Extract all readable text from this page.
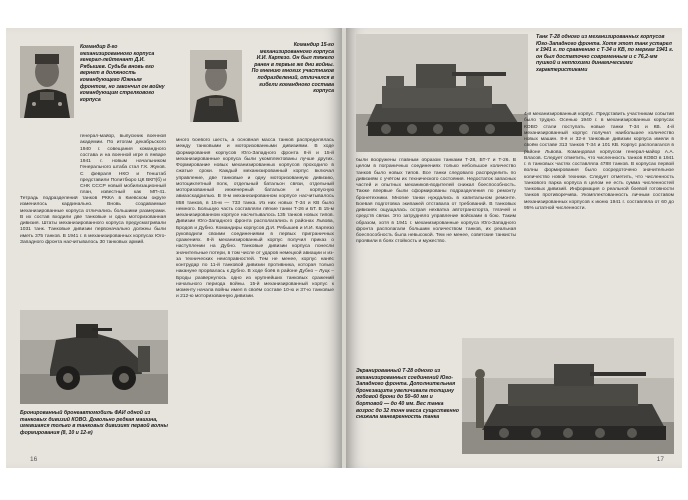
Командир 8-го механизированного корпуса генерал-лейтенант Д.И. Рябышев. Судьба вновь его вернет в должность командующего Южным фронтом, но закончил он войну командующим стрелкового корпуса
Командир 15-го механизированного корпуса И.И. Карпезо. Он был тяжело ранен в первые же дни войны. По мнению многих участников подразделений, отличался в гибели командного состава корпуса

генерал-майор, выпускник военной академии. По итогам декабрьского 1940 г. совещания командного состава и на военной игре в январе 1941 г. новым начальником Генерального штаба стал Г.К. Жуков. С февраля НКО и Генштаб представили Политбюро ЦК ВКП(б) и СНК СССР новый мобилизационный план, известный как МП-41.

Тетрадь подразделений танков РККА в Киевском округе изменилось кардинально. Вновь создаваемые механизированные корпуса отличались большими размерами. В их состав входили две танковые и одна моторизованная дивизия. Штаты механизированного корпуса предусматривали 1031 танк. Танковые дивизии первоначально должны были иметь 375 танков. В 1941 г. в механизированных корпусах Юго-Западного фронта насчитывалось 30 танковых армий.

много боевого шесть, а основная масса танков распределялась между танковыми и моторизованными дивизиями. В ходе формирования корпусов Юго-Западного фронта 8-й и 15-й механизированные корпуса были укомплектованы лучше других. Формирование новых механизированных корпусов проходило в сжатые сроки. Каждый механизированный корпус включал управление, две танковые и одну моторизованную дивизию, мотоциклетный полк, отдельный батальон связи, отдельный моторизованный инженерный батальон и корпусную авиаэскадрилью. В 8-м механизированном корпусе насчитывалось 858 танков, в 15-м — 733 танка. Из них новых Т-34 и КВ было немного. Большую часть составляли лёгкие танки Т-26 и БТ. В 15-м механизированном корпусе насчитывалось 135 танков новых типов. Дивизии Юго-Западного фронта располагались в районах Львова, Бродов и Дубно. Командиры корпусов Д.И. Рябышев и И.И. Карпезо руководили своими соединениями в первых приграничных сражениях. 8-й механизированный корпус получил приказ о наступлении на Дубно. Танковые дивизии корпуса понесли значительные потери, в том числе от ударов немецкой авиации и из-за технических неисправностей. Тем не менее, корпус нанёс контрудар по 11-й танковой дивизии противника, которая только накануне прорвалась к Дубно. В ходе боёв в районе Дубно – Луцк – Броды развернулось одно из крупнейших танковых сражений начального периода войны. 15-й механизированный корпус к моменту начала войны имел в своём составе 10-ю и 37-ю танковые и 212-ю моторизованную дивизии.

Бронированный бронеавтомобиль ФАИ одной из танковых дивизий КОВО. Довольно редкая машина, имевшаяся только в танковых дивизиях первой волны формирования (8, 10 и 12-я)
16
Танк Т-28 одного из механизированных корпусов Юго-Западного фронта. Хотя этот танк устарел к 1941 г. по сравнению с Т-34 и КВ, по меркам 1941 г. он был достаточно современным и с 76,2-мм пушкой и неплохими динамическими характеристиками

были вооружены главным образом танками Т-28, БТ-7 и Т-26. В целом в пограничных соединениях только небольшое количество танков было новых типов. Все танки следовало распределить по дивизиям с учётом их технического состояния. Недостаток запасных частей и опытных механиков-водителей снижал боеспособность. Также впервые были сформированы подразделения по ремонту бронетехники. Многие танки нуждались в капитальном ремонте. Боевая подготовка экипажей отставала от требований. В танковых дивизиях ощущалась острая нехватка автотранспорта, тягачей и средств связи. Это затрудняло управление войсками в бою. Таким образом, хотя в 1941 г. механизированные корпуса Юго-Западного фронта располагали большим количеством танков, их реальная боеспособность была невысокой. Тем не менее, советские танкисты проявили в боях стойкость и мужество.

4-й механизированный корпус. Представить участникам событий было трудно. Осенью 1940 г. в механизированных корпусах КОВО стали поступать новые танки Т-34 и КВ. 4-й механизированный корпус получил наибольшее количество новых машин. 8-я и 32-я танковые дивизии корпуса имели в своём составе 313 танков Т-34 и 101 КВ. Корпус располагался в районе Львова. Командовал корпусом генерал-майор А.А. Власов. Следует отметить, что численность танков КОВО в 1941 г. в танковых частях составляла 4788 танков. В корпусах первой волны формирования было сосредоточено значительное количество новой техники. Следует отметить, что численность танкового парка корпуса в целом не есть сумма численностей танковых дивизий. Информация о реальной боевой готовности танков противоречива. Укомплектованность личным составом механизированных корпусов к июню 1941 г. составляла от 60 до 95% штатной численности.

Экранированный Т-28 одного из механизированных соединений Юго-Западного фронта. Дополнительная бронезащита увеличивала толщину лобовой брони до 50–60 мм и бортовой — до 40 мм. Вес танка возрос до 32 тонн масса существенно снижала маневренность танка
17
